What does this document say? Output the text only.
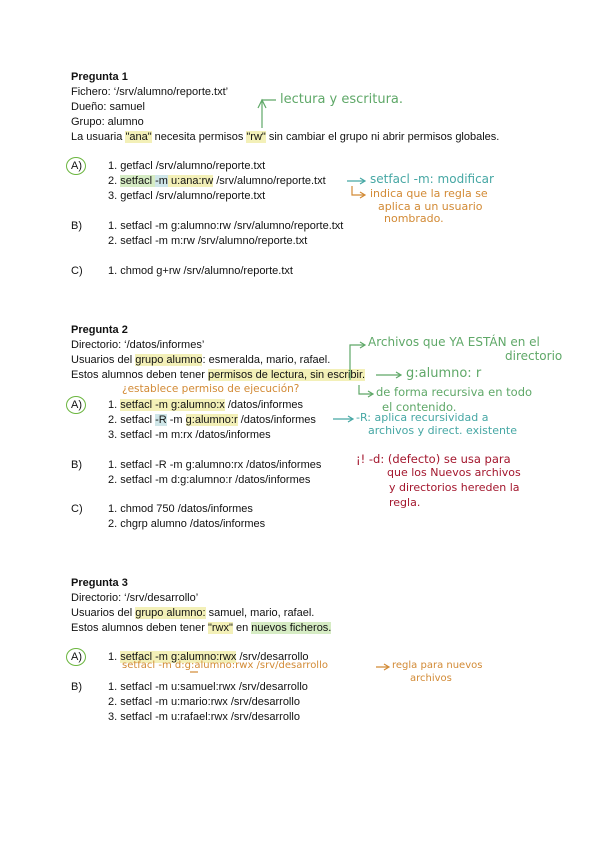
Pregunta 1
Fichero: ‘/srv/alumno/reporte.txt’
Dueño: samuel
Grupo: alumno
La usuaria "ana" necesita permisos "rw" sin cambiar el grupo ni abrir permisos globales.
A) 1. getfacl /srv/alumno/reporte.txt
2. setfacl -m u:ana:rw /srv/alumno/reporte.txt
3. getfacl /srv/alumno/reporte.txt
B) 1. setfacl -m g:alumno:rw /srv/alumno/reporte.txt
2. setfacl -m m:rw /srv/alumno/reporte.txt
C) 1. chmod g+rw /srv/alumno/reporte.txt
Pregunta 2
Directorio: ‘/datos/informes’
Usuarios del grupo alumno: esmeralda, mario, rafael.
Estos alumnos deben tener permisos de lectura, sin escribir.
A) 1. setfacl -m g:alumno:x /datos/informes
2. setfacl -R -m g:alumno:r /datos/informes
3. setfacl -m m:rx /datos/informes
B) 1. setfacl -R -m g:alumno:rx /datos/informes
2. setfacl -m d:g:alumno:r /datos/informes
C) 1. chmod 750 /datos/informes
2. chgrp alumno /datos/informes
Pregunta 3
Directorio: ‘/srv/desarrollo’
Usuarios del grupo alumno: samuel, mario, rafael.
Estos alumnos deben tener "rwx" en nuevos ficheros.
A) 1. setfacl -m g:alumno:rwx /srv/desarrollo
B) 1. setfacl -m u:samuel:rwx /srv/desarrollo
2. setfacl -m u:mario:rwx /srv/desarrollo
3. setfacl -m u:rafael:rwx /srv/desarrollo
lectura y escritura.
setfacl -m: modificar
indica que la regla se
aplica a un usuario
nombrado.
Archivos que YA ESTÁN en el
directorio
g:alumno: r
¿establece permiso de ejecución?	de forma recursiva en todo
el contenido.
-R: aplica recursividad a
archivos y direct. existente
¡! -d: (defecto) se usa para
que los Nuevos archivos
y directorios hereden la
regla.
setfacl -m d:g:alumno:rwx /srv/desarrollo	regla para nuevos
archivos
